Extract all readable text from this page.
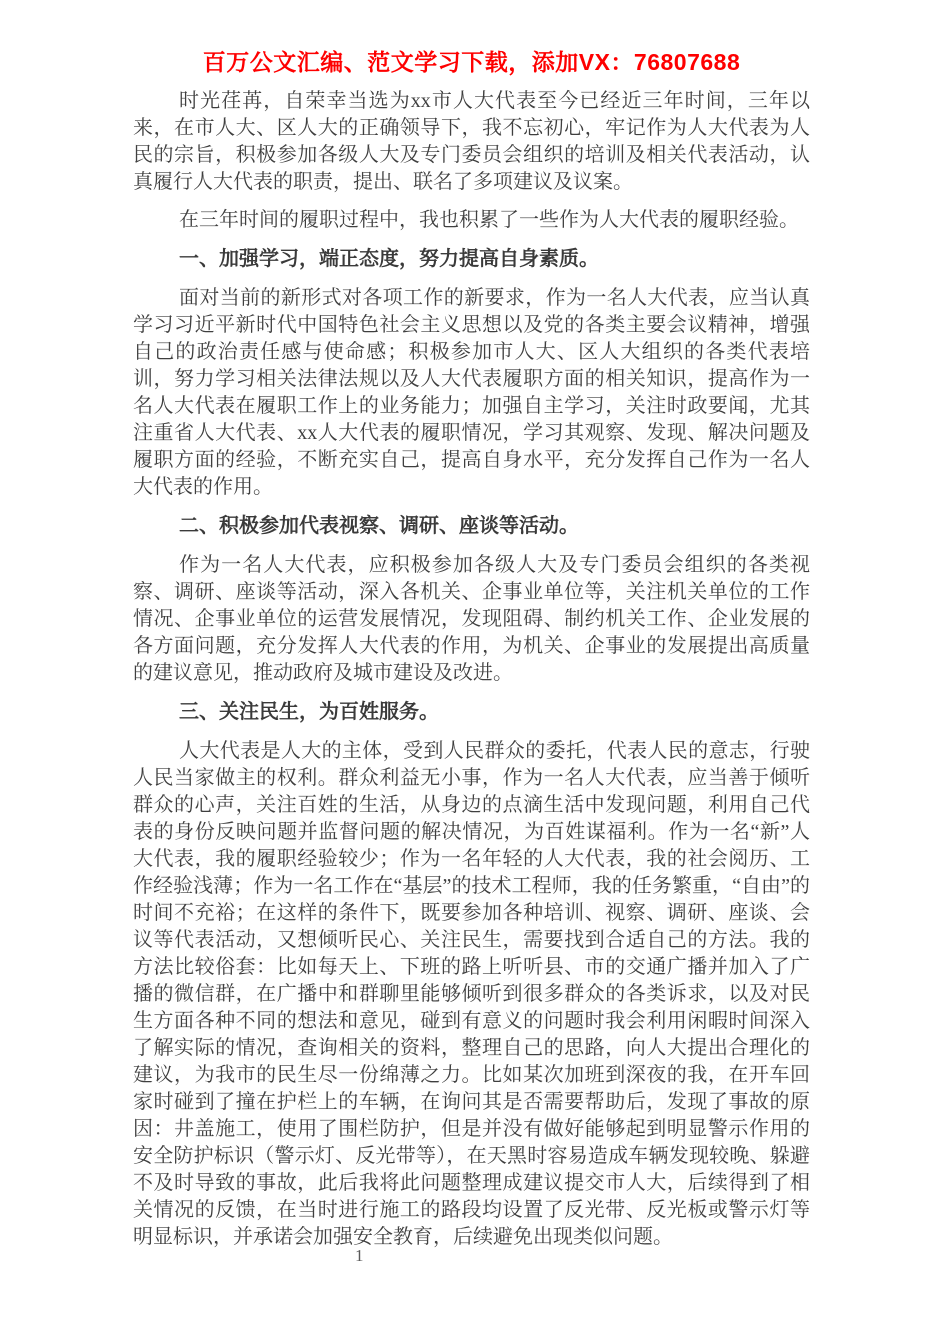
百万公文汇编、范文学习下载，添加VX：76807688

时光荏苒，自荣幸当选为xx市人大代表至今已经近三年时间，三年以来，在市人大、区人大的正确领导下，我不忘初心，牢记作为人大代表为人民的宗旨，积极参加各级人大及专门委员会组织的培训及相关代表活动，认真履行人大代表的职责，提出、联名了多项建议及议案。

在三年时间的履职过程中，我也积累了一些作为人大代表的履职经验。

一、加强学习，端正态度，努力提高自身素质。

面对当前的新形式对各项工作的新要求，作为一名人大代表，应当认真学习习近平新时代中国特色社会主义思想以及党的各类主要会议精神，增强自己的政治责任感与使命感；积极参加市人大、区人大组织的各类代表培训，努力学习相关法律法规以及人大代表履职方面的相关知识，提高作为一名人大代表在履职工作上的业务能力；加强自主学习，关注时政要闻，尤其注重省人大代表、xx人大代表的履职情况，学习其观察、发现、解决问题及履职方面的经验，不断充实自己，提高自身水平，充分发挥自己作为一名人大代表的作用。

二、积极参加代表视察、调研、座谈等活动。

作为一名人大代表，应积极参加各级人大及专门委员会组织的各类视察、调研、座谈等活动，深入各机关、企事业单位等，关注机关单位的工作情况、企事业单位的运营发展情况，发现阻碍、制约机关工作、企业发展的各方面问题，充分发挥人大代表的作用，为机关、企事业的发展提出高质量的建议意见，推动政府及城市建设及改进。

三、关注民生，为百姓服务。

人大代表是人大的主体，受到人民群众的委托，代表人民的意志，行驶人民当家做主的权利。群众利益无小事，作为一名人大代表，应当善于倾听群众的心声，关注百姓的生活，从身边的点滴生活中发现问题，利用自己代表的身份反映问题并监督问题的解决情况，为百姓谋福利。作为一名“新”人大代表，我的履职经验较少；作为一名年轻的人大代表，我的社会阅历、工作经验浅薄；作为一名工作在“基层”的技术工程师，我的任务繁重，“自由”的时间不充裕；在这样的条件下，既要参加各种培训、视察、调研、座谈、会议等代表活动，又想倾听民心、关注民生，需要找到合适自己的方法。我的方法比较俗套：比如每天上、下班的路上听听县、市的交通广播并加入了广播的微信群，在广播中和群聊里能够倾听到很多群众的各类诉求，以及对民生方面各种不同的想法和意见，碰到有意义的问题时我会利用闲暇时间深入了解实际的情况，查询相关的资料，整理自己的思路，向人大提出合理化的建议，为我市的民生尽一份绵薄之力。比如某次加班到深夜的我，在开车回家时碰到了撞在护栏上的车辆，在询问其是否需要帮助后，发现了事故的原因：井盖施工，使用了围栏防护，但是并没有做好能够起到明显警示作用的安全防护标识（警示灯、反光带等），在天黑时容易造成车辆发现较晚、躲避不及时导致的事故，此后我将此问题整理成建议提交市人大，后续得到了相关情况的反馈，在当时进行施工的路段均设置了反光带、反光板或警示灯等明显标识，并承诺会加强安全教育，后续避免出现类似问题。

1
